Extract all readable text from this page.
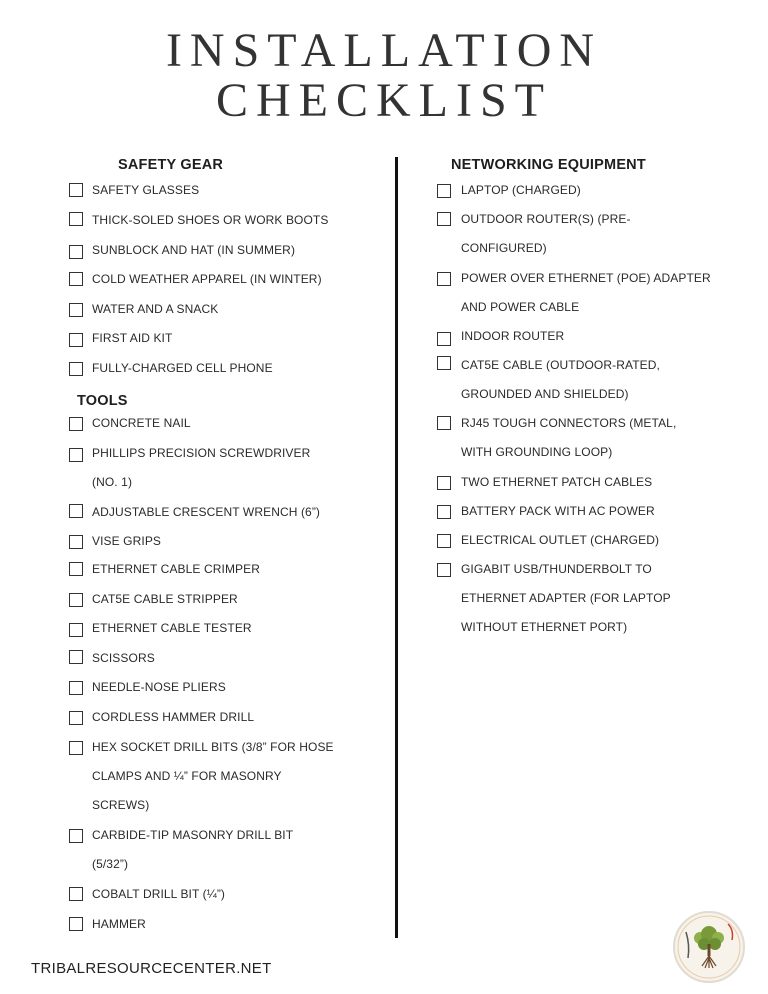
INSTALLATION
CHECKLIST
SAFETY GEAR
SAFETY GLASSES
THICK-SOLED SHOES OR WORK BOOTS
SUNBLOCK AND HAT (IN SUMMER)
COLD WEATHER APPAREL (IN WINTER)
WATER AND A SNACK
FIRST AID KIT
FULLY-CHARGED CELL PHONE
TOOLS
CONCRETE NAIL
PHILLIPS PRECISION SCREWDRIVER
(NO. 1)
ADJUSTABLE CRESCENT WRENCH (6”)
VISE GRIPS
ETHERNET CABLE CRIMPER
CAT5E CABLE STRIPPER
ETHERNET CABLE TESTER
SCISSORS
NEEDLE-NOSE PLIERS
CORDLESS HAMMER DRILL
HEX SOCKET DRILL BITS (3/8” FOR HOSE
CLAMPS AND ¼” FOR MASONRY
SCREWS)
CARBIDE-TIP MASONRY DRILL BIT
(5/32”)
COBALT DRILL BIT (¼”)
HAMMER
NETWORKING EQUIPMENT
LAPTOP (CHARGED)
OUTDOOR ROUTER(S) (PRE-
CONFIGURED)
POWER OVER ETHERNET (POE) ADAPTER
AND POWER CABLE
INDOOR ROUTER
CAT5E CABLE (OUTDOOR-RATED,
GROUNDED AND SHIELDED)
RJ45 TOUGH CONNECTORS (METAL,
WITH GROUNDING LOOP)
TWO ETHERNET PATCH CABLES
BATTERY PACK WITH AC POWER
ELECTRICAL OUTLET (CHARGED)
GIGABIT USB/THUNDERBOLT TO
ETHERNET ADAPTER (FOR LAPTOP
WITHOUT ETHERNET PORT)
TRIBALRESOURCECENTER.NET
